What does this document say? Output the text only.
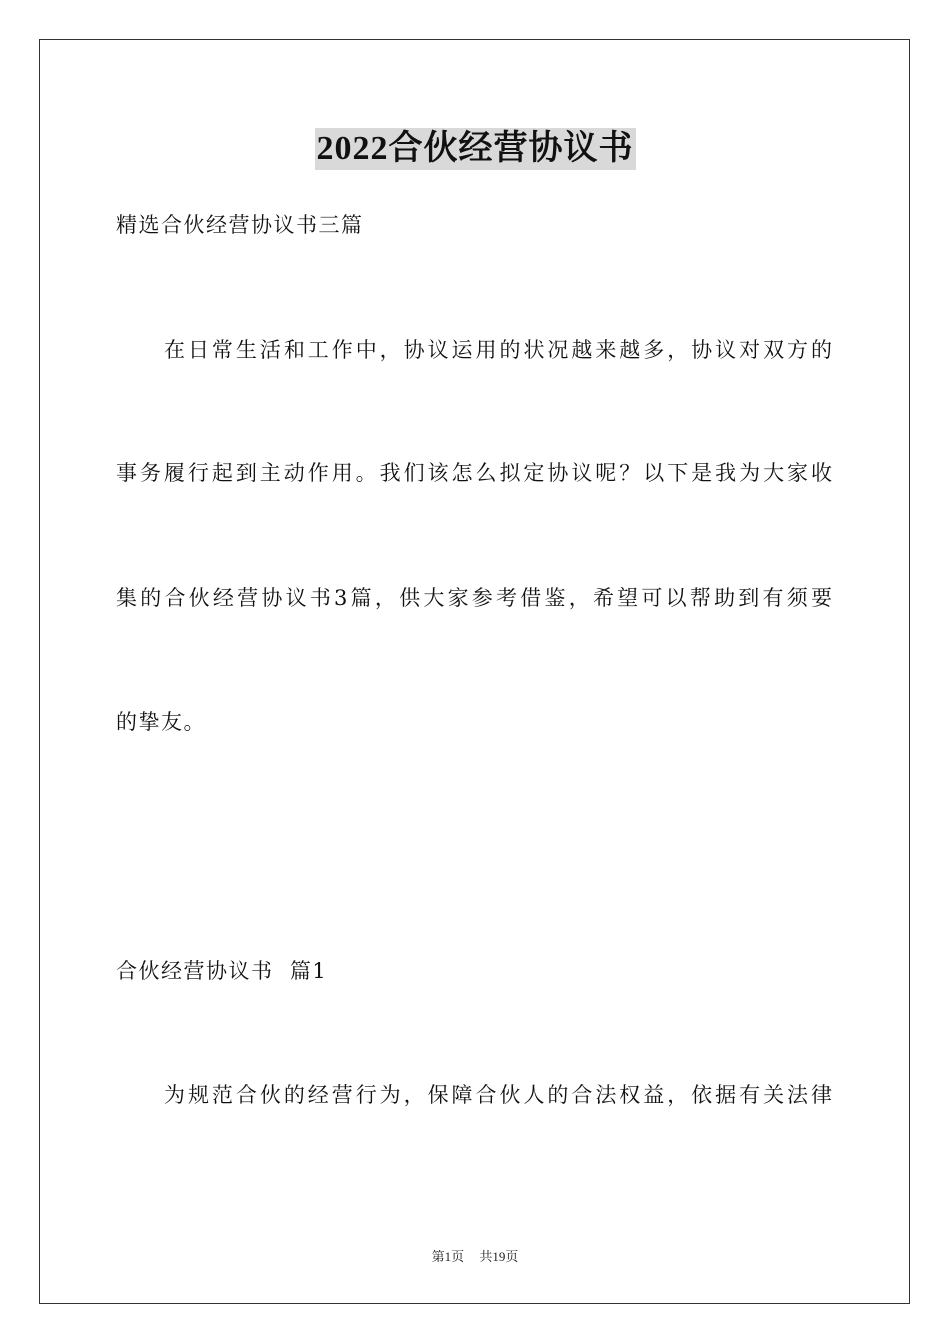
2022合伙经营协议书
精选合伙经营协议书三篇
在日常生活和工作中，协议运用的状况越来越多，协议对双方的
事务履行起到主动作用。我们该怎么拟定协议呢？以下是我为大家收
集的合伙经营协议书3篇，供大家参考借鉴，希望可以帮助到有须要
的挚友。
合伙经营协议书  篇1
为规范合伙的经营行为，保障合伙人的合法权益，依据有关法律
第1页 共19页
